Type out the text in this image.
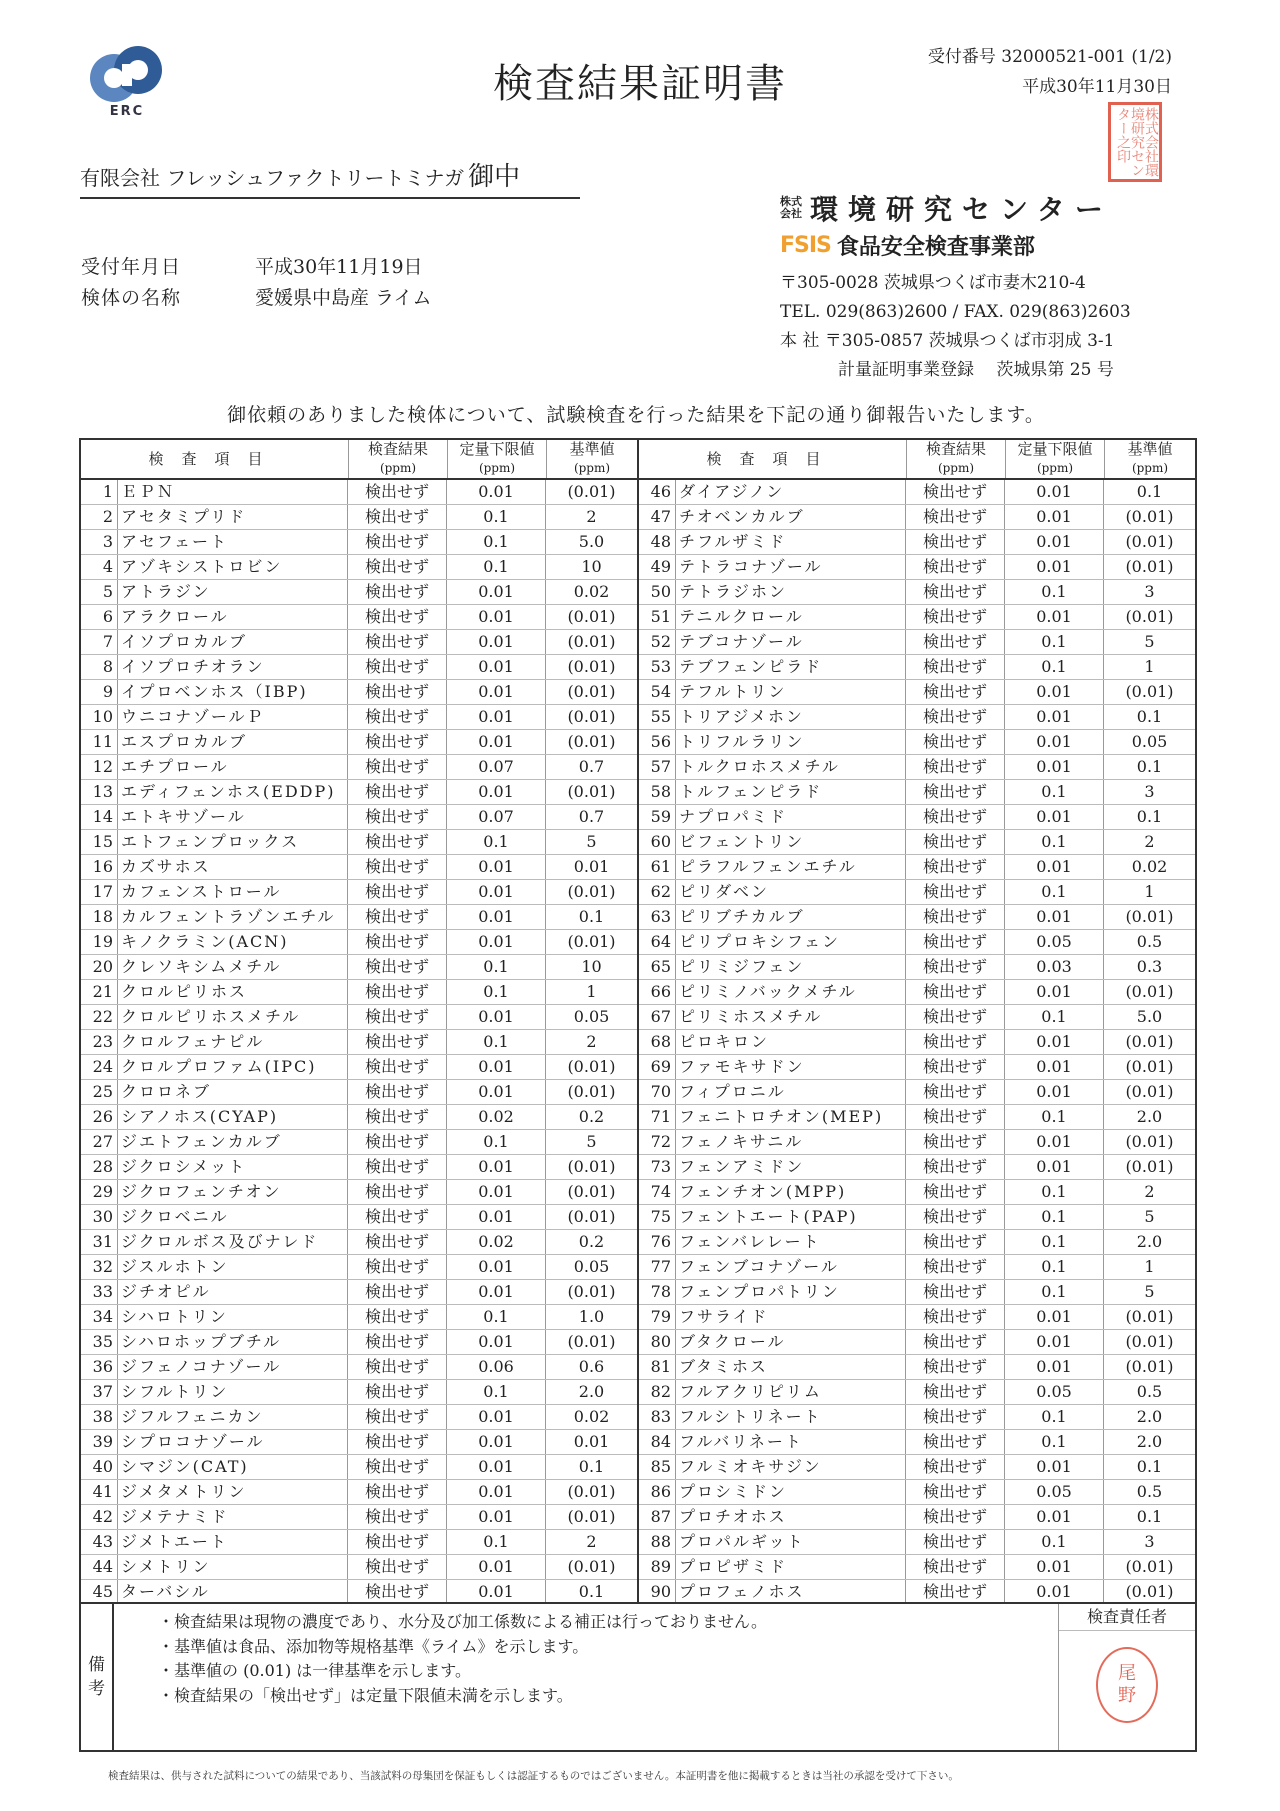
ERC
検査結果証明書
受付番号 32000521-001 (1/2)
平成30年11月30日
有限会社 フレッシュファクトリートミナガ 御中
受付年月日	平成30年11月19日
検体の名称	愛媛県中島産 ライム
株式会社 環境研究センター
FSIS 食品安全検査事業部
〒305-0028 茨城県つくば市妻木210-4
TEL. 029(863)2600 / FAX. 029(863)2603
本 社 〒305-0857 茨城県つくば市羽成 3-1
計量証明事業登録　 茨城県第 25 号
株式会社環境研究センター之印
御依頼のありました検体について、試験検査を行った結果を下記の通り御報告いたします。
検査項目
検査結果
(ppm)
定量下限値
(ppm)
基準値
(ppm)
1 ＥＰＮ	検出せず	0.01	(0.01)
2 アセタミプリド	検出せず	0.1	2
3 アセフェート	検出せず	0.1	5.0
4 アゾキシストロビン	検出せず	0.1	10
5 アトラジン	検出せず	0.01	0.02
6 アラクロール	検出せず	0.01	(0.01)
7 イソプロカルブ	検出せず	0.01	(0.01)
8 イソプロチオラン	検出せず	0.01	(0.01)
9 イプロベンホス（IBP)	検出せず	0.01	(0.01)
10 ウニコナゾールＰ	検出せず	0.01	(0.01)
11 エスプロカルブ	検出せず	0.01	(0.01)
12 エチプロール	検出せず	0.07	0.7
13 エディフェンホス(EDDP)	検出せず	0.01	(0.01)
14 エトキサゾール	検出せず	0.07	0.7
15 エトフェンプロックス	検出せず	0.1	5
16 カズサホス	検出せず	0.01	0.01
17 カフェンストロール	検出せず	0.01	(0.01)
18 カルフェントラゾンエチル	検出せず	0.01	0.1
19 キノクラミン(ACN)	検出せず	0.01	(0.01)
20 クレソキシムメチル	検出せず	0.1	10
21 クロルピリホス	検出せず	0.1	1
22 クロルピリホスメチル	検出せず	0.01	0.05
23 クロルフェナピル	検出せず	0.1	2
24 クロルプロファム(IPC)	検出せず	0.01	(0.01)
25 クロロネブ	検出せず	0.01	(0.01)
26 シアノホス(CYAP)	検出せず	0.02	0.2
27 ジエトフェンカルブ	検出せず	0.1	5
28 ジクロシメット	検出せず	0.01	(0.01)
29 ジクロフェンチオン	検出せず	0.01	(0.01)
30 ジクロベニル	検出せず	0.01	(0.01)
31 ジクロルボス及びナレド	検出せず	0.02	0.2
32 ジスルホトン	検出せず	0.01	0.05
33 ジチオピル	検出せず	0.01	(0.01)
34 シハロトリン	検出せず	0.1	1.0
35 シハロホップブチル	検出せず	0.01	(0.01)
36 ジフェノコナゾール	検出せず	0.06	0.6
37 シフルトリン	検出せず	0.1	2.0
38 ジフルフェニカン	検出せず	0.01	0.02
39 シプロコナゾール	検出せず	0.01	0.01
40 シマジン(CAT)	検出せず	0.01	0.1
41 ジメタメトリン	検出せず	0.01	(0.01)
42 ジメテナミド	検出せず	0.01	(0.01)
43 ジメトエート	検出せず	0.1	2
44 シメトリン	検出せず	0.01	(0.01)
45 ターバシル	検出せず	0.01	0.1
検査項目
検査結果
(ppm)
定量下限値
(ppm)
基準値
(ppm)
46 ダイアジノン	検出せず	0.01	0.1
47 チオベンカルブ	検出せず	0.01	(0.01)
48 チフルザミド	検出せず	0.01	(0.01)
49 テトラコナゾール	検出せず	0.01	(0.01)
50 テトラジホン	検出せず	0.1	3
51 テニルクロール	検出せず	0.01	(0.01)
52 テブコナゾール	検出せず	0.1	5
53 テブフェンピラド	検出せず	0.1	1
54 テフルトリン	検出せず	0.01	(0.01)
55 トリアジメホン	検出せず	0.01	0.1
56 トリフルラリン	検出せず	0.01	0.05
57 トルクロホスメチル	検出せず	0.01	0.1
58 トルフェンピラド	検出せず	0.1	3
59 ナプロパミド	検出せず	0.01	0.1
60 ビフェントリン	検出せず	0.1	2
61 ピラフルフェンエチル	検出せず	0.01	0.02
62 ピリダベン	検出せず	0.1	1
63 ピリブチカルブ	検出せず	0.01	(0.01)
64 ピリプロキシフェン	検出せず	0.05	0.5
65 ピリミジフェン	検出せず	0.03	0.3
66 ピリミノバックメチル	検出せず	0.01	(0.01)
67 ピリミホスメチル	検出せず	0.1	5.0
68 ピロキロン	検出せず	0.01	(0.01)
69 ファモキサドン	検出せず	0.01	(0.01)
70 フィプロニル	検出せず	0.01	(0.01)
71 フェニトロチオン(MEP)	検出せず	0.1	2.0
72 フェノキサニル	検出せず	0.01	(0.01)
73 フェンアミドン	検出せず	0.01	(0.01)
74 フェンチオン(MPP)	検出せず	0.1	2
75 フェントエート(PAP)	検出せず	0.1	5
76 フェンバレレート	検出せず	0.1	2.0
77 フェンブコナゾール	検出せず	0.1	1
78 フェンプロパトリン	検出せず	0.1	5
79 フサライド	検出せず	0.01	(0.01)
80 ブタクロール	検出せず	0.01	(0.01)
81 ブタミホス	検出せず	0.01	(0.01)
82 フルアクリピリム	検出せず	0.05	0.5
83 フルシトリネート	検出せず	0.1	2.0
84 フルバリネート	検出せず	0.1	2.0
85 フルミオキサジン	検出せず	0.01	0.1
86 プロシミドン	検出せず	0.05	0.5
87 プロチオホス	検出せず	0.01	0.1
88 プロパルギット	検出せず	0.1	3
89 プロピザミド	検出せず	0.01	(0.01)
90 プロフェノホス	検出せず	0.01	(0.01)
備
考
・検査結果は現物の濃度であり、水分及び加工係数による補正は行っておりません。
・基準値は食品、添加物等規格基準《ライム》を示します。
・基準値の (0.01) は一律基準を示します。
・検査結果の「検出せず」は定量下限値未満を示します。
検査責任者
尾
野
検査結果は、供与された試料についての結果であり、当該試料の母集団を保証もしくは認証するものではございません。本証明書を他に掲載するときは当社の承認を受けて下さい。
